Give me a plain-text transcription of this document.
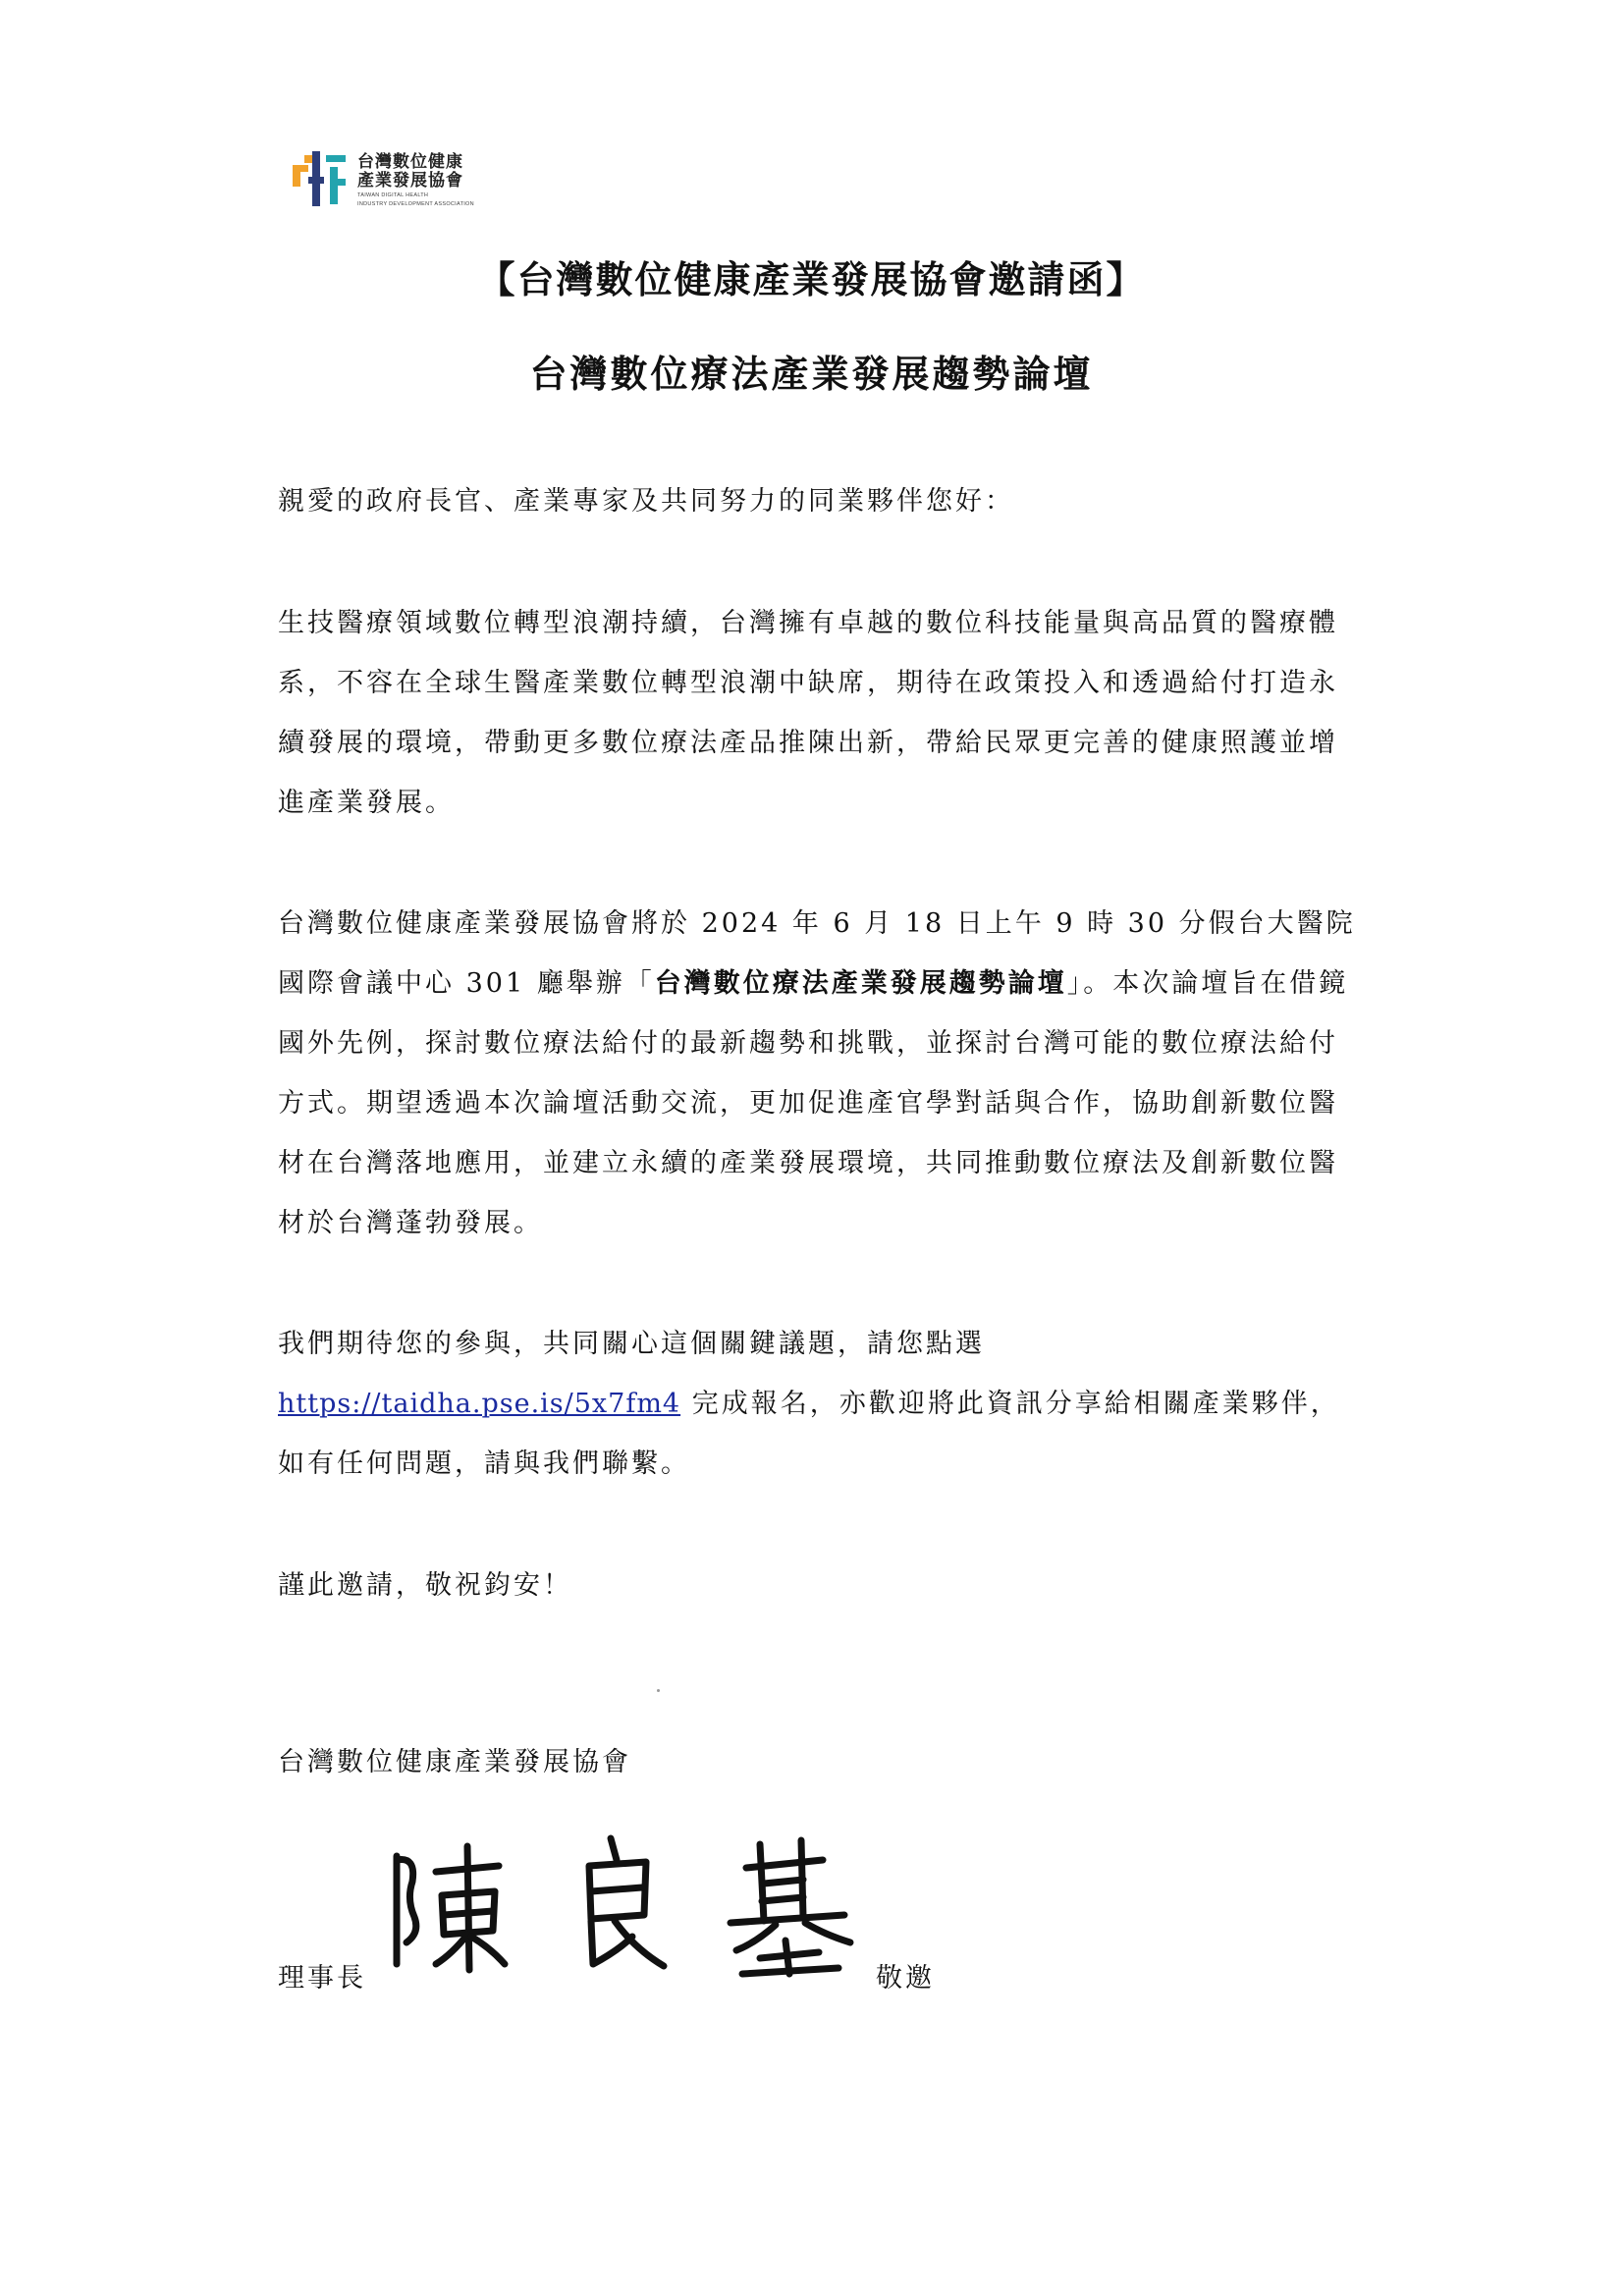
台灣數位健康
產業發展協會
TAIWAN DIGITAL HEALTH
INDUSTRY DEVELOPMENT ASSOCIATION
【台灣數位健康產業發展協會邀請函】
台灣數位療法產業發展趨勢論壇
親愛的政府長官、產業專家及共同努力的同業夥伴您好：
生技醫療領域數位轉型浪潮持續，台灣擁有卓越的數位科技能量與高品質的醫療體系，不容在全球生醫產業數位轉型浪潮中缺席，期待在政策投入和透過給付打造永續發展的環境，帶動更多數位療法產品推陳出新，帶給民眾更完善的健康照護並增進產業發展。
台灣數位健康產業發展協會將於 2024 年 6 月 18 日上午 9 時 30 分假台大醫院國際會議中心 301 廳舉辦「台灣數位療法產業發展趨勢論壇」。本次論壇旨在借鏡國外先例，探討數位療法給付的最新趨勢和挑戰，並探討台灣可能的數位療法給付方式。期望透過本次論壇活動交流，更加促進產官學對話與合作，協助創新數位醫材在台灣落地應用，並建立永續的產業發展環境，共同推動數位療法及創新數位醫材於台灣蓬勃發展。
我們期待您的參與，共同關心這個關鍵議題，請您點選
https://taidha.pse.is/5x7fm4 完成報名，亦歡迎將此資訊分享給相關產業夥伴，如有任何問題，請與我們聯繫。
謹此邀請，敬祝鈞安！
台灣數位健康產業發展協會
理事長	敬邀
